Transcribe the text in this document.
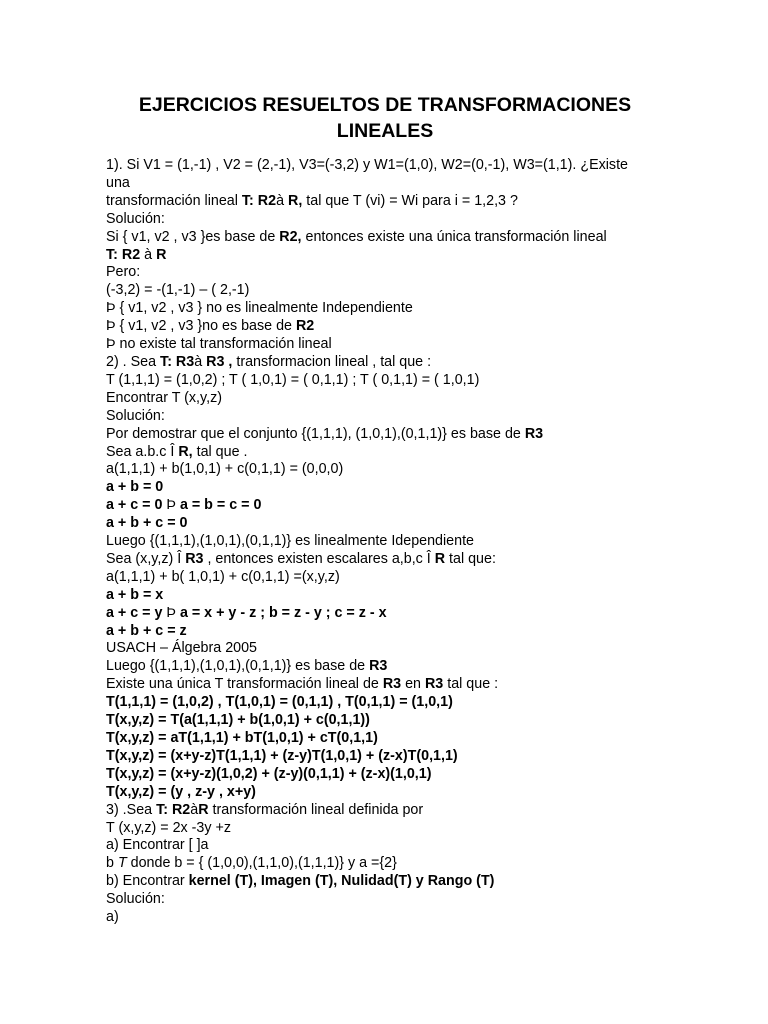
EJERCICIOS RESUELTOS DE TRANSFORMACIONES
LINEALES
1). Si V1 = (1,-1) , V2 = (2,-1), V3=(-3,2) y W1=(1,0), W2=(0,-1), W3=(1,1). ¿Existe
una
transformación lineal T: R2à R, tal que T (vi) = Wi para i = 1,2,3 ?
Solución:
Si { v1, v2 , v3 }es base de R2, entonces existe una única transformación lineal
T: R2 à R
Pero:
(-3,2) = -(1,-1) – ( 2,-1)
Þ { v1, v2 , v3 } no es linealmente Independiente
Þ { v1, v2 , v3 }no es base de R2
Þ no existe tal transformación lineal
2) . Sea T: R3à R3 , transformacion lineal , tal que :
T (1,1,1) = (1,0,2) ; T ( 1,0,1) = ( 0,1,1) ; T ( 0,1,1) = ( 1,0,1)
Encontrar T (x,y,z)
Solución:
Por demostrar que el conjunto {(1,1,1), (1,0,1),(0,1,1)} es base de R3
Sea a.b.c Î R, tal que .
a(1,1,1) + b(1,0,1) + c(0,1,1) = (0,0,0)
a + b = 0
a + c = 0 Þ a = b = c = 0
a + b + c = 0
Luego {(1,1,1),(1,0,1),(0,1,1)} es linealmente Idependiente
Sea (x,y,z) Î R3 , entonces existen escalares a,b,c Î R tal que:
a(1,1,1) + b( 1,0,1) + c(0,1,1) =(x,y,z)
a + b = x
a + c = y Þ a = x + y - z ; b = z - y ; c = z - x
a + b + c = z
USACH – Álgebra 2005
Luego {(1,1,1),(1,0,1),(0,1,1)} es base de R3
Existe una única T transformación lineal de R3 en R3 tal que :
T(1,1,1) = (1,0,2) , T(1,0,1) = (0,1,1) , T(0,1,1) = (1,0,1)
T(x,y,z) = T(a(1,1,1) + b(1,0,1) + c(0,1,1))
T(x,y,z) = aT(1,1,1) + bT(1,0,1) + cT(0,1,1)
T(x,y,z) = (x+y-z)T(1,1,1) + (z-y)T(1,0,1) + (z-x)T(0,1,1)
T(x,y,z) = (x+y-z)(1,0,2) + (z-y)(0,1,1) + (z-x)(1,0,1)
T(x,y,z) = (y , z-y , x+y)
3) .Sea T: R2àR transformación lineal definida por
T (x,y,z) = 2x -3y +z
a) Encontrar [ ]a
b T donde b = { (1,0,0),(1,1,0),(1,1,1)} y a ={2}
b) Encontrar kernel (T), Imagen (T), Nulidad(T) y Rango (T)
Solución:
a)
